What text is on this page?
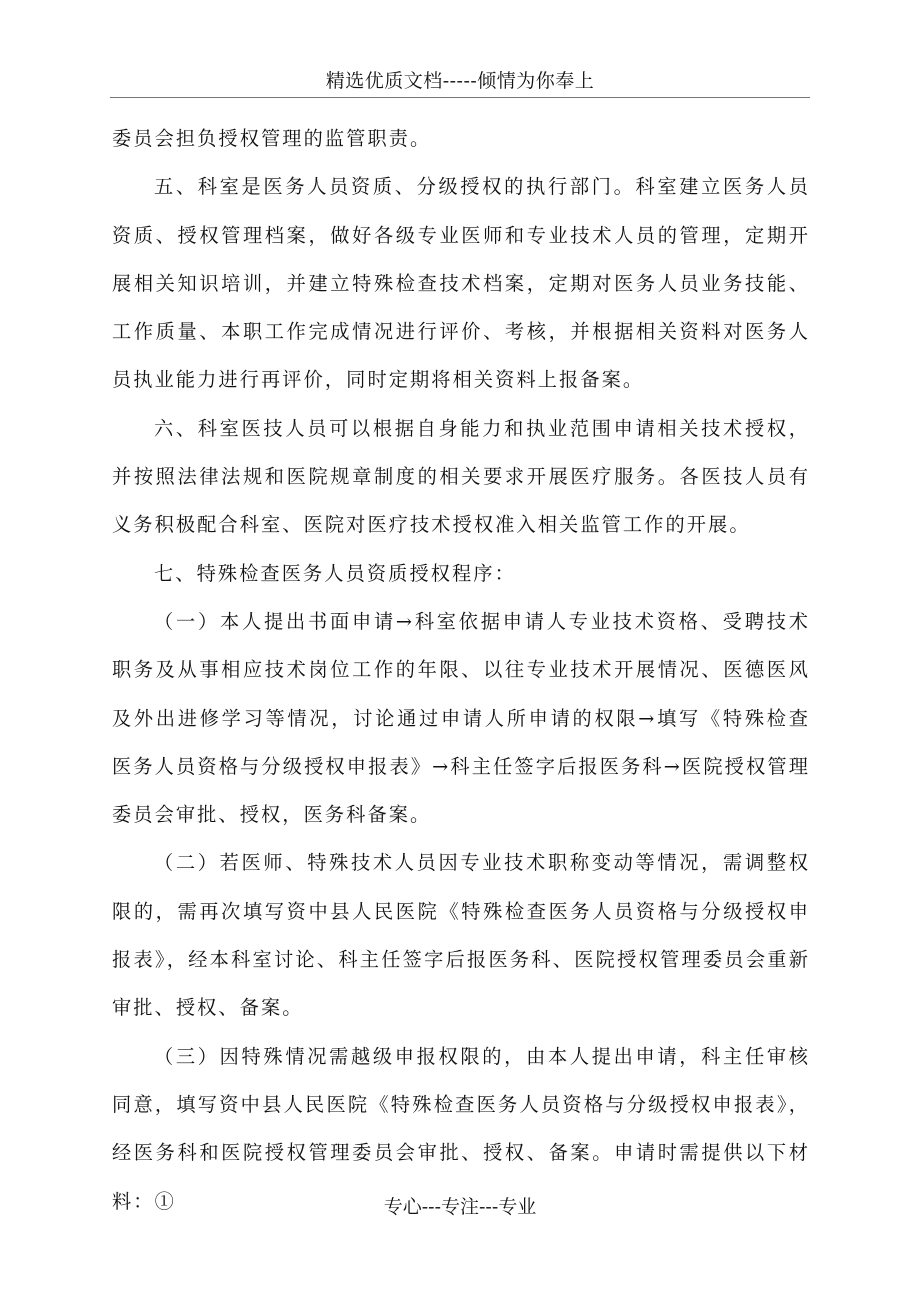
精选优质文档-----倾情为你奉上

委员会担负授权管理的监管职责。

五、科室是医务人员资质、分级授权的执行部门。科室建立医务人员资质、授权管理档案，做好各级专业医师和专业技术人员的管理，定期开展相关知识培训，并建立特殊检查技术档案，定期对医务人员业务技能、工作质量、本职工作完成情况进行评价、考核，并根据相关资料对医务人员执业能力进行再评价，同时定期将相关资料上报备案。

六、科室医技人员可以根据自身能力和执业范围申请相关技术授权，并按照法律法规和医院规章制度的相关要求开展医疗服务。各医技人员有义务积极配合科室、医院对医疗技术授权准入相关监管工作的开展。

七、特殊检查医务人员资质授权程序：

（一）本人提出书面申请→科室依据申请人专业技术资格、受聘技术职务及从事相应技术岗位工作的年限、以往专业技术开展情况、医德医风及外出进修学习等情况，讨论通过申请人所申请的权限→填写《特殊检查医务人员资格与分级授权申报表》→科主任签字后报医务科→医院授权管理委员会审批、授权，医务科备案。

（二）若医师、特殊技术人员因专业技术职称变动等情况，需调整权限的，需再次填写资中县人民医院《特殊检查医务人员资格与分级授权申报表》，经本科室讨论、科主任签字后报医务科、医院授权管理委员会重新审批、授权、备案。

（三）因特殊情况需越级申报权限的，由本人提出申请，科主任审核同意，填写资中县人民医院《特殊检查医务人员资格与分级授权申报表》，经医务科和医院授权管理委员会审批、授权、备案。申请时需提供以下材料：①	专心---专注---专业
